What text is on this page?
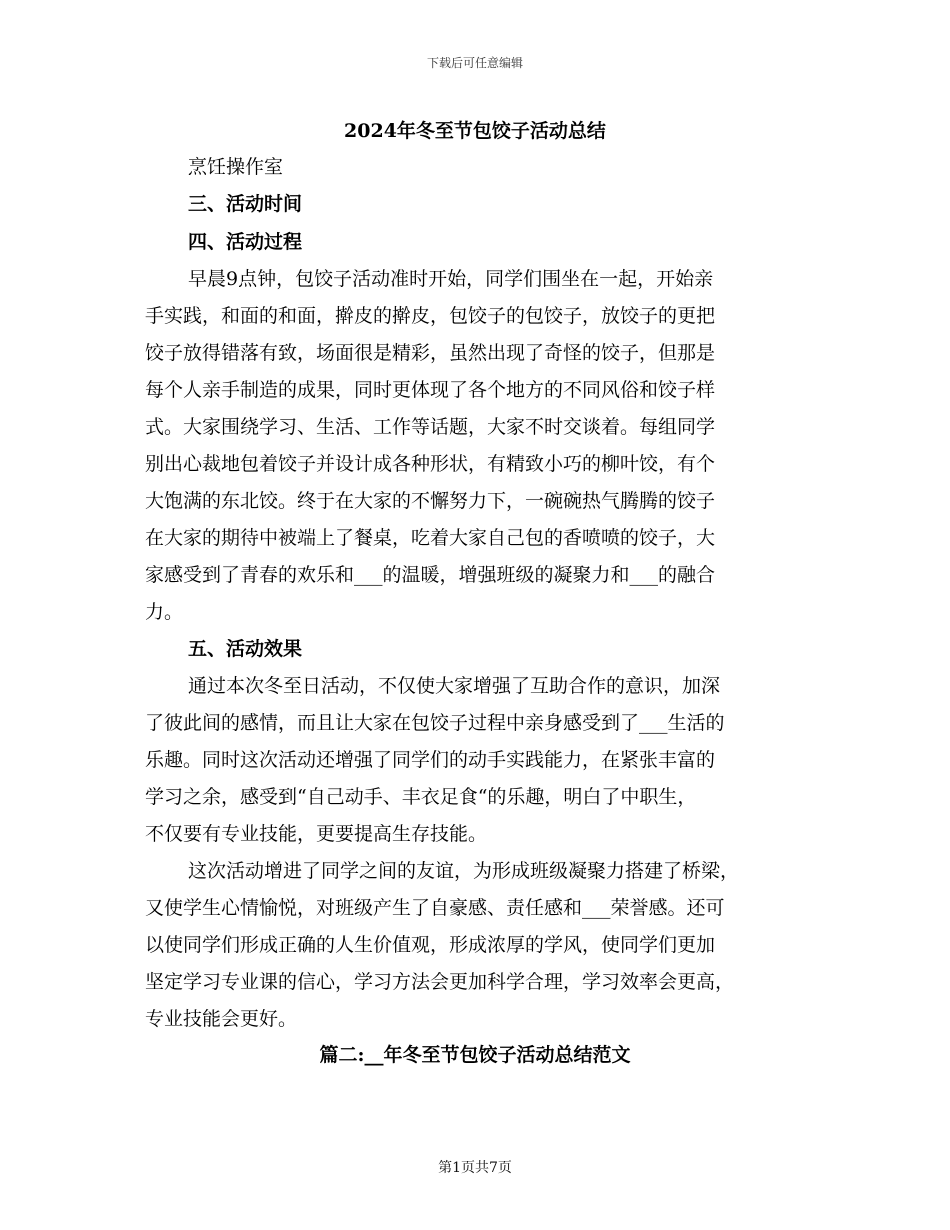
下载后可任意编辑
2024年冬至节包饺子活动总结
烹饪操作室
三、活动时间
四、活动过程
早晨9点钟，包饺子活动准时开始，同学们围坐在一起，开始亲
手实践，和面的和面，擀皮的擀皮，包饺子的包饺子，放饺子的更把
饺子放得错落有致，场面很是精彩，虽然出现了奇怪的饺子，但那是
每个人亲手制造的成果，同时更体现了各个地方的不同风俗和饺子样
式。大家围绕学习、生活、工作等话题，大家不时交谈着。每组同学
别出心裁地包着饺子并设计成各种形状，有精致小巧的柳叶饺，有个
大饱满的东北饺。终于在大家的不懈努力下，一碗碗热气腾腾的饺子
在大家的期待中被端上了餐桌，吃着大家自己包的香喷喷的饺子，大
家感受到了青春的欢乐和___的温暖，增强班级的凝聚力和___的融合
力。
五、活动效果
通过本次冬至日活动，不仅使大家增强了互助合作的意识，加深
了彼此间的感情，而且让大家在包饺子过程中亲身感受到了___生活的
乐趣。同时这次活动还增强了同学们的动手实践能力，在紧张丰富的
学习之余，感受到“自己动手、丰衣足食“的乐趣，明白了中职生，
不仅要有专业技能，更要提高生存技能。
这次活动增进了同学之间的友谊，为形成班级凝聚力搭建了桥梁，
又使学生心情愉悦，对班级产生了自豪感、责任感和___荣誉感。还可
以使同学们形成正确的人生价值观，形成浓厚的学风，使同学们更加
坚定学习专业课的信心，学习方法会更加科学合理，学习效率会更高，
专业技能会更好。
篇二:__年冬至节包饺子活动总结范文
第1页共7页
